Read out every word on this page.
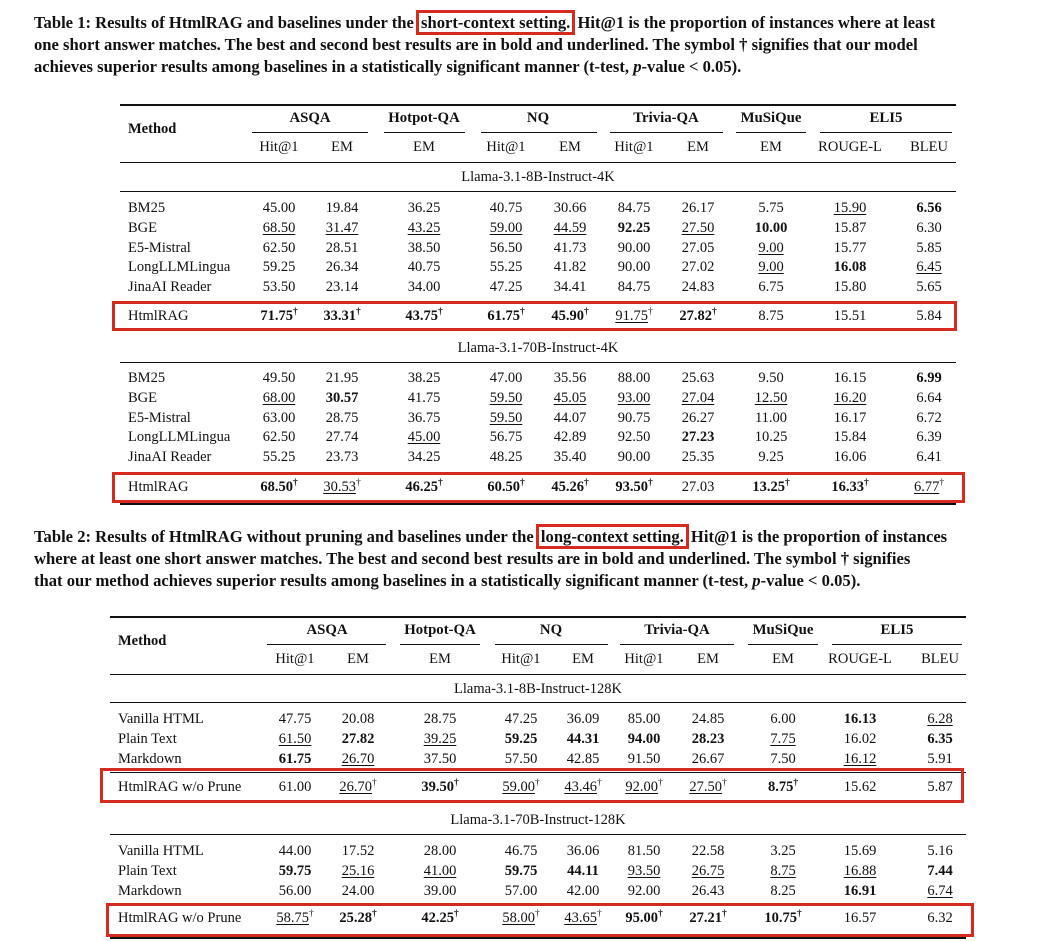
Table 1: Results of HtmlRAG and baselines under the short-context setting. Hit@1 is the proportion of instances where at least
one short answer matches. The best and second best results are in bold and underlined. The symbol † signifies that our model
achieves superior results among baselines in a statistically significant manner (t-test, p-value < 0.05).
Table 2: Results of HtmlRAG without pruning and baselines under the long-context setting. Hit@1 is the proportion of instances
where at least one short answer matches. The best and second best results are in bold and underlined. The symbol † signifies
that our method achieves superior results among baselines in a statistically significant manner (t-test, p-value < 0.05).
Method
ASQA	Hotpot-QA	NQ	Trivia-QA	MuSiQue	ELI5
Hit@1 EM	EM	Hit@1 EM Hit@1 EM	EM	ROUGE-L BLEU
Llama-3.1-8B-Instruct-4K
BM25	45.00 19.84	36.25	40.75 30.66 84.75 26.17	5.75	15.90	6.56
BGE	68.50 31.47	43.25	59.00 44.59 92.25 27.50	10.00	15.87	6.30
E5-Mistral	62.50 28.51	38.50	56.50 41.73 90.00 27.05	9.00	15.77	5.85
LongLLMLingua 59.25 26.34	40.75	55.25 41.82 90.00 27.02	9.00	16.08	6.45
JinaAI Reader	53.50 23.14	34.00	47.25 34.41 84.75 24.83	6.75	15.80	5.65
HtmlRAG	71.75† 33.31†	43.75†	61.75† 45.90† 91.75† 27.82†	8.75	15.51	5.84
Llama-3.1-70B-Instruct-4K
BM25	49.50 21.95	38.25	47.00 35.56 88.00 25.63	9.50	16.15	6.99
BGE	68.00 30.57	41.75	59.50 45.05 93.00 27.04	12.50	16.20	6.64
E5-Mistral	63.00 28.75	36.75	59.50 44.07 90.75 26.27	11.00	16.17	6.72
LongLLMLingua 62.50 27.74	45.00	56.75 42.89 92.50 27.23	10.25	15.84	6.39
JinaAI Reader	55.25 23.73	34.25	48.25 35.40 90.00 25.35	9.25	16.06	6.41
HtmlRAG	68.50† 30.53†	46.25†	60.50† 45.26† 93.50† 27.03	13.25†	16.33†	6.77†
Method
ASQA	Hotpot-QA	NQ	Trivia-QA	MuSiQue	ELI5
Hit@1 EM	EM	Hit@1 EM Hit@1 EM	EM ROUGE-L BLEU
Llama-3.1-8B-Instruct-128K
Vanilla HTML	47.75 20.08	28.75	47.25 36.09 85.00 24.85	6.00	16.13	6.28
Plain Text	61.50 27.82	39.25	59.25 44.31 94.00 28.23	7.75	16.02	6.35
Markdown	61.75 26.70	37.50	57.50 42.85 91.50 26.67	7.50	16.12	5.91
HtmlRAG w/o Prune	61.00 26.70†	39.50†	59.00† 43.46† 92.00† 27.50†	8.75†	15.62	5.87
Llama-3.1-70B-Instruct-128K
Vanilla HTML	44.00 17.52	28.00	46.75 36.06 81.50 22.58	3.25	15.69	5.16
Plain Text	59.75 25.16	41.00	59.75 44.11 93.50 26.75	8.75	16.88	7.44
Markdown	56.00 24.00	39.00	57.00 42.00 92.00 26.43	8.25	16.91	6.74
HtmlRAG w/o Prune 58.75† 25.28†	42.25†	58.00† 43.65† 95.00† 27.21†	10.75†	16.57	6.32
